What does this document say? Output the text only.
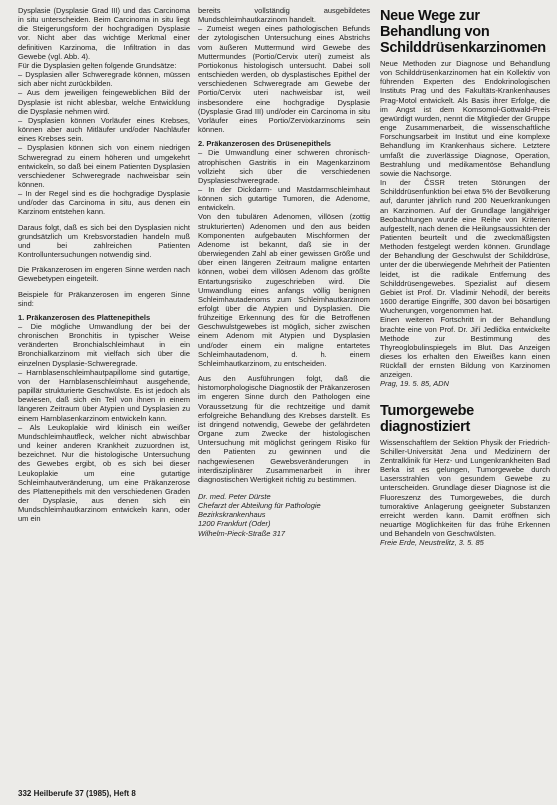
Dysplasie (Dysplasie Grad III) und das Carcinoma in situ unterscheiden. Beim Carcinoma in situ liegt die Steigerungsform der hochgradigen Dysplasie vor. Nicht aber das wichtige Merkmal einer definitiven Karzinoma, die Infiltration in das Gewebe (vgl. Abb. 4).

Für die Dysplasien gelten folgende Grundsätze:

– Dysplasien aller Schweregrade können, müssen sich aber nicht zurückbilden.

– Aus dem jeweiligen feingeweblichen Bild der Dysplasie ist nicht ablesbar, welche Entwicklung die Dysplasie nehmen wird.

– Dysplasien können Vorläufer eines Krebses, können aber auch Mitläufer und/oder Nachläufer eines Krebses sein.

– Dysplasien können sich von einem niedrigen Schweregrad zu einem höheren und umgekehrt entwickeln, so daß bei einem Patienten Dysplasien verschiedener Schweregrade nachweisbar sein können.

– In der Regel sind es die hochgradige Dysplasie und/oder das Carcinoma in situ, aus denen ein Karzinom entstehen kann.

Daraus folgt, daß es sich bei den Dysplasien nicht grundsätzlich um Krebsvorstadien handeln muß und bei zahlreichen Patienten Kontrolluntersuchungen notwendig sind.

Die Präkanzerosen im engeren Sinne werden nach Gewebetypen eingeteilt.

Beispiele für Präkanzerosen im engeren Sinne sind:

1. Präkanzerosen des Plattenepithels

– Die mögliche Umwandlung der bei der chronischen Bronchitis in typischer Weise veränderten Bronchialschleimhaut in ein Bronchialkarzinom mit vielfach sich über die einzelnen Dysplasie-Schweregrade.

– Harnblasenschleimhautpapillome sind gutartige, von der Harnblasenschleimhaut ausgehende, papillär strukturierte Geschwülste. Es ist jedoch als bewiesen, daß sich ein Teil von ihnen in einem längeren Zeitraum über Atypien und Dysplasien zu einem Harnblasenkarzinom entwickeln kann.

– Als Leukoplakie wird klinisch ein weißer Mundschleimhautfleck, welcher nicht abwischbar und keiner anderen Krankheit zuzuordnen ist, bezeichnet. Nur die histologische Untersuchung des Gewebes ergibt, ob es sich bei dieser Leukoplakie um eine gutartige Schleimhautveränderung, um eine Präkanzerose des Plattenepithels mit den verschiedenen Graden der Dysplasie, aus denen sich ein Mundschleimhautkarzinom entwickeln kann, oder um ein

bereits vollständig ausgebildetes Mundschleimhautkarzinom handelt.

– Zumeist wegen eines pathologischen Befunds der zytologischen Untersuchung eines Abstrichs vom äußeren Muttermund wird Gewebe des Muttermundes (Portio/Cervix uteri) zumeist als Portiokonus histologisch untersucht. Dabei soll entschieden werden, ob dysplastisches Epithel der verschiedenen Schweregrade am Gewebe der Portio/Cervix uteri nachweisbar ist, weil insbesondere eine hochgradige Dysplasie (Dysplasie Grad III) und/oder ein Carcinoma in situ Vorläufer eines Portio/Zervixkarzinoms sein können.

2. Präkanzerosen des Drüsenepithels

– Die Umwandlung einer schweren chronisch-atrophischen Gastritis in ein Magenkarzinom vollzieht sich über die verschiedenen Dysplasieschweregrade.

– In der Dickdarm- und Mastdarmschleimhaut können sich gutartige Tumoren, die Adenome, entwickeln.

Von den tubulären Adenomen, villösen (zottig strukturierten) Adenomen und den aus beiden Komponenten aufgebauten Mischformen der Adenome ist bekannt, daß sie in der überwiegenden Zahl ab einer gewissen Größe und über einen längeren Zeitraum maligne entarten können, wobei dem villösen Adenom das größte Entartungsrisiko zugeschrieben wird. Die Umwandlung eines anfangs völlig benignen Schleimhautadenoms zum Schleimhautkarzinom erfolgt über die Atypien und Dysplasien. Die frühzeitige Erkennung des für die Betroffenen Geschwulstgewebes ist möglich, sicher zwischen einem Adenom mit Atypien und Dysplasien und/oder einem ein maligne entartetes Schleimhautadenom, d. h. einem Schleimhautkarzinom, zu entscheiden.

Aus den Ausführungen folgt, daß die histomorphologische Diagnostik der Präkanzerosen im engeren Sinne durch den Pathologen eine Voraussetzung für die rechtzeitige und damit erfolgreiche Behandlung des Krebses darstellt. Es ist dringend notwendig, Gewebe der gefährdeten Organe zum Zwecke der histologischen Untersuchung mit möglichst geringem Risiko für den Patienten zu gewinnen und die nachgewiesenen Gewebsveränderungen in interdisziplinärer Zusammenarbeit in ihrer diagnostischen Wertigkeit richtig zu bestimmen.

Dr. med. Peter Dürste
Chefarzt der Abteilung für Pathologie
Bezirkskrankenhaus
1200 Frankfurt (Oder)
Wilhelm-Pieck-Straße 317

Neue Wege zur Behandlung von Schilddrüsenkarzinomen

Neue Methoden zur Diagnose und Behandlung von Schilddrüsenkarzinomen hat ein Kollektiv von führenden Experten des Endokrinologischen Instituts Prag und des Fakultäts-Krankenhauses Prag-Motol entwickelt. Als Basis ihrer Erfolge, die im Angst ist dem Komsomol-Gottwald-Preis gewürdigt wurden, nennt die Mitglieder der Gruppe enge Zusammenarbeit, die wissenschaftliche Forschungsarbeit im Institut und eine komplexe Behandlung im Krankenhaus sichere. Letztere umfaßt die zuverlässige Diagnose, Operation, Bestrahlung und medikamentöse Behandlung sowie die Nachsorge.

In der ČSSR treten Störungen der Schilddrüsenfunktion bei etwa 5% der Bevölkerung auf, darunter jährlich rund 200 Neuerkrankungen an Karzinomen. Auf der Grundlage langjähriger Beobachtungen wurde eine Reihe von Kriterien aufgestellt, nach denen die Heilungsaussichten der Patienten beurteilt und die zweckmäßigsten Methoden festgelegt werden können. Grundlage der Behandlung der Geschwulst der Schilddrüse, unter der die überwiegende Mehrheit der Patienten leidet, ist die radikale Entfernung des Schilddrüsengewebes. Spezialist auf diesem Gebiet ist Prof. Dr. Vladimir Nehodil, der bereits 1600 derartige Eingriffe, 300 davon bei bösartigen Wucherungen, vorgenommen hat.

Einen weiteren Fortschritt in der Behandlung brachte eine von Prof. Dr. Jiří Jedlička entwickelte Methode zur Bestimmung des Thyreoglobulinspiegels im Blut. Das Anzeigen dieses los erhalten den Eiweißes kann einen Rückfall der ernsten Bildung von Karzinomen anzeigen.

Prag, 19. 5. 85, ADN

Tumorgewebe diagnostiziert

Wissenschaftlern der Sektion Physik der Friedrich-Schiller-Universität Jena und Medizinern der Zentralklinik für Herz- und Lungenkrankheiten Bad Berka ist es gelungen, Tumorgewebe durch Lasersstrahlen von gesundem Gewebe zu unterscheiden. Grundlage dieser Diagnose ist die Fluoreszenz des Tumorgewebes, die durch tumoraktive Anlagerung geeigneter Substanzen erreicht werden kann. Damit eröffnen sich neuartige Möglichkeiten für das frühe Erkennen und Behandeln von Geschwülsten.

Freie Erde, Neustrelitz, 3. 5. 85

332 Heilberufe 37 (1985), Heft 8
